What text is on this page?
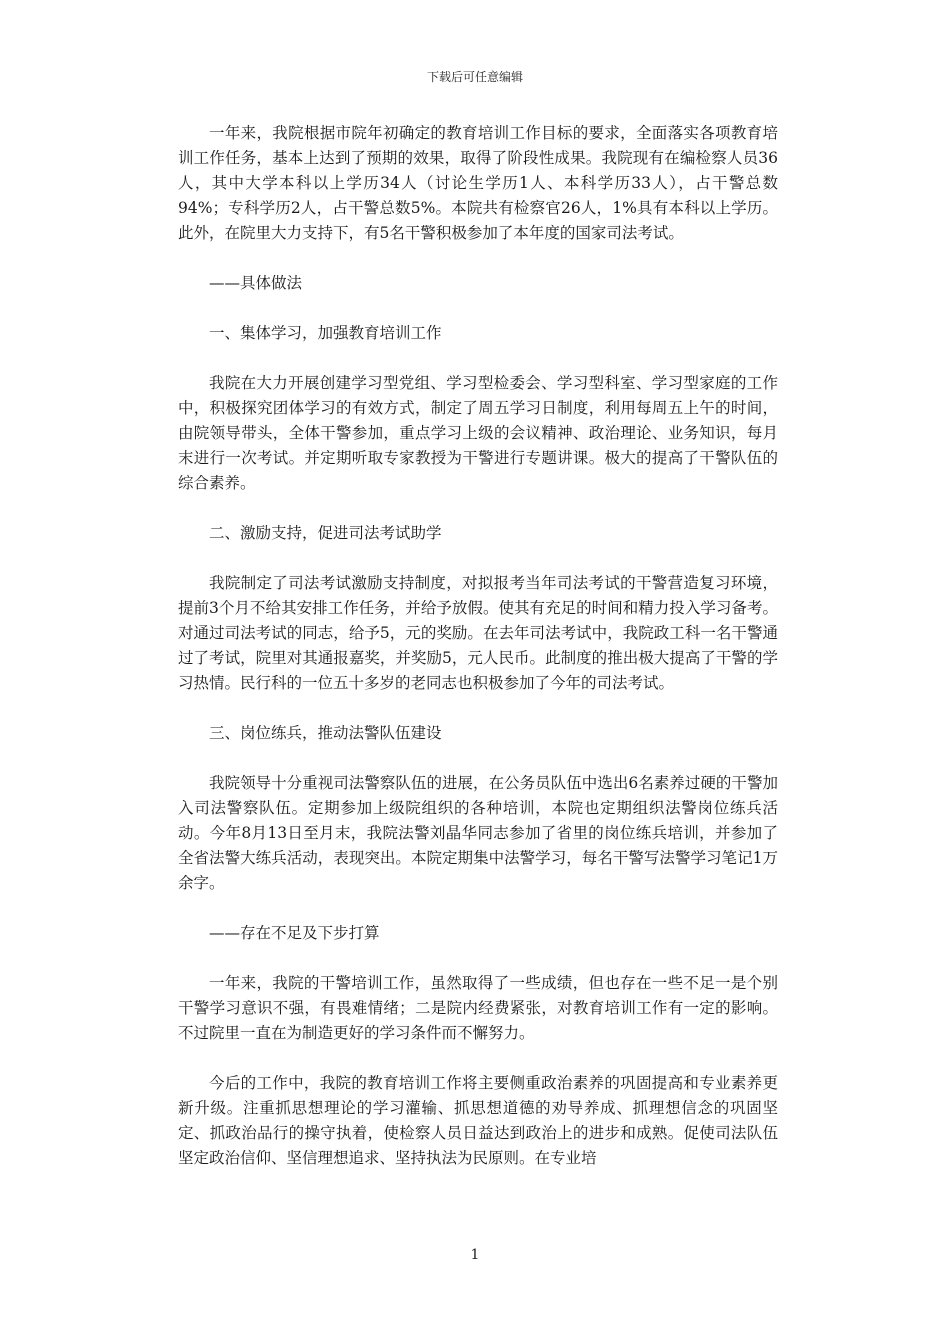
下载后可任意编辑

一年来，我院根据市院年初确定的教育培训工作目标的要求，全面落实各项教育培训工作任务，基本上达到了预期的效果，取得了阶段性成果。我院现有在编检察人员36人，其中大学本科以上学历34人（讨论生学历1人、本科学历33人），占干警总数94%；专科学历2人，占干警总数5%。本院共有检察官26人，1%具有本科以上学历。此外，在院里大力支持下，有5名干警积极参加了本年度的国家司法考试。

——具体做法

一、集体学习，加强教育培训工作

我院在大力开展创建学习型党组、学习型检委会、学习型科室、学习型家庭的工作中，积极探究团体学习的有效方式，制定了周五学习日制度，利用每周五上午的时间，由院领导带头，全体干警参加，重点学习上级的会议精神、政治理论、业务知识，每月末进行一次考试。并定期听取专家教授为干警进行专题讲课。极大的提高了干警队伍的综合素养。

二、激励支持，促进司法考试助学

我院制定了司法考试激励支持制度，对拟报考当年司法考试的干警营造复习环境，提前3个月不给其安排工作任务，并给予放假。使其有充足的时间和精力投入学习备考。对通过司法考试的同志，给予5，元的奖励。在去年司法考试中，我院政工科一名干警通过了考试，院里对其通报嘉奖，并奖励5，元人民币。此制度的推出极大提高了干警的学习热情。民行科的一位五十多岁的老同志也积极参加了今年的司法考试。

三、岗位练兵，推动法警队伍建设

我院领导十分重视司法警察队伍的进展，在公务员队伍中选出6名素养过硬的干警加入司法警察队伍。定期参加上级院组织的各种培训，本院也定期组织法警岗位练兵活动。今年8月13日至月末，我院法警刘晶华同志参加了省里的岗位练兵培训，并参加了全省法警大练兵活动，表现突出。本院定期集中法警学习，每名干警写法警学习笔记1万余字。

——存在不足及下步打算

一年来，我院的干警培训工作，虽然取得了一些成绩，但也存在一些不足一是个别干警学习意识不强，有畏难情绪；二是院内经费紧张，对教育培训工作有一定的影响。不过院里一直在为制造更好的学习条件而不懈努力。

今后的工作中，我院的教育培训工作将主要侧重政治素养的巩固提高和专业素养更新升级。注重抓思想理论的学习灌输、抓思想道德的劝导养成、抓理想信念的巩固坚定、抓政治品行的操守执着，使检察人员日益达到政治上的进步和成熟。促使司法队伍坚定政治信仰、坚信理想追求、坚持执法为民原则。在专业培

1
